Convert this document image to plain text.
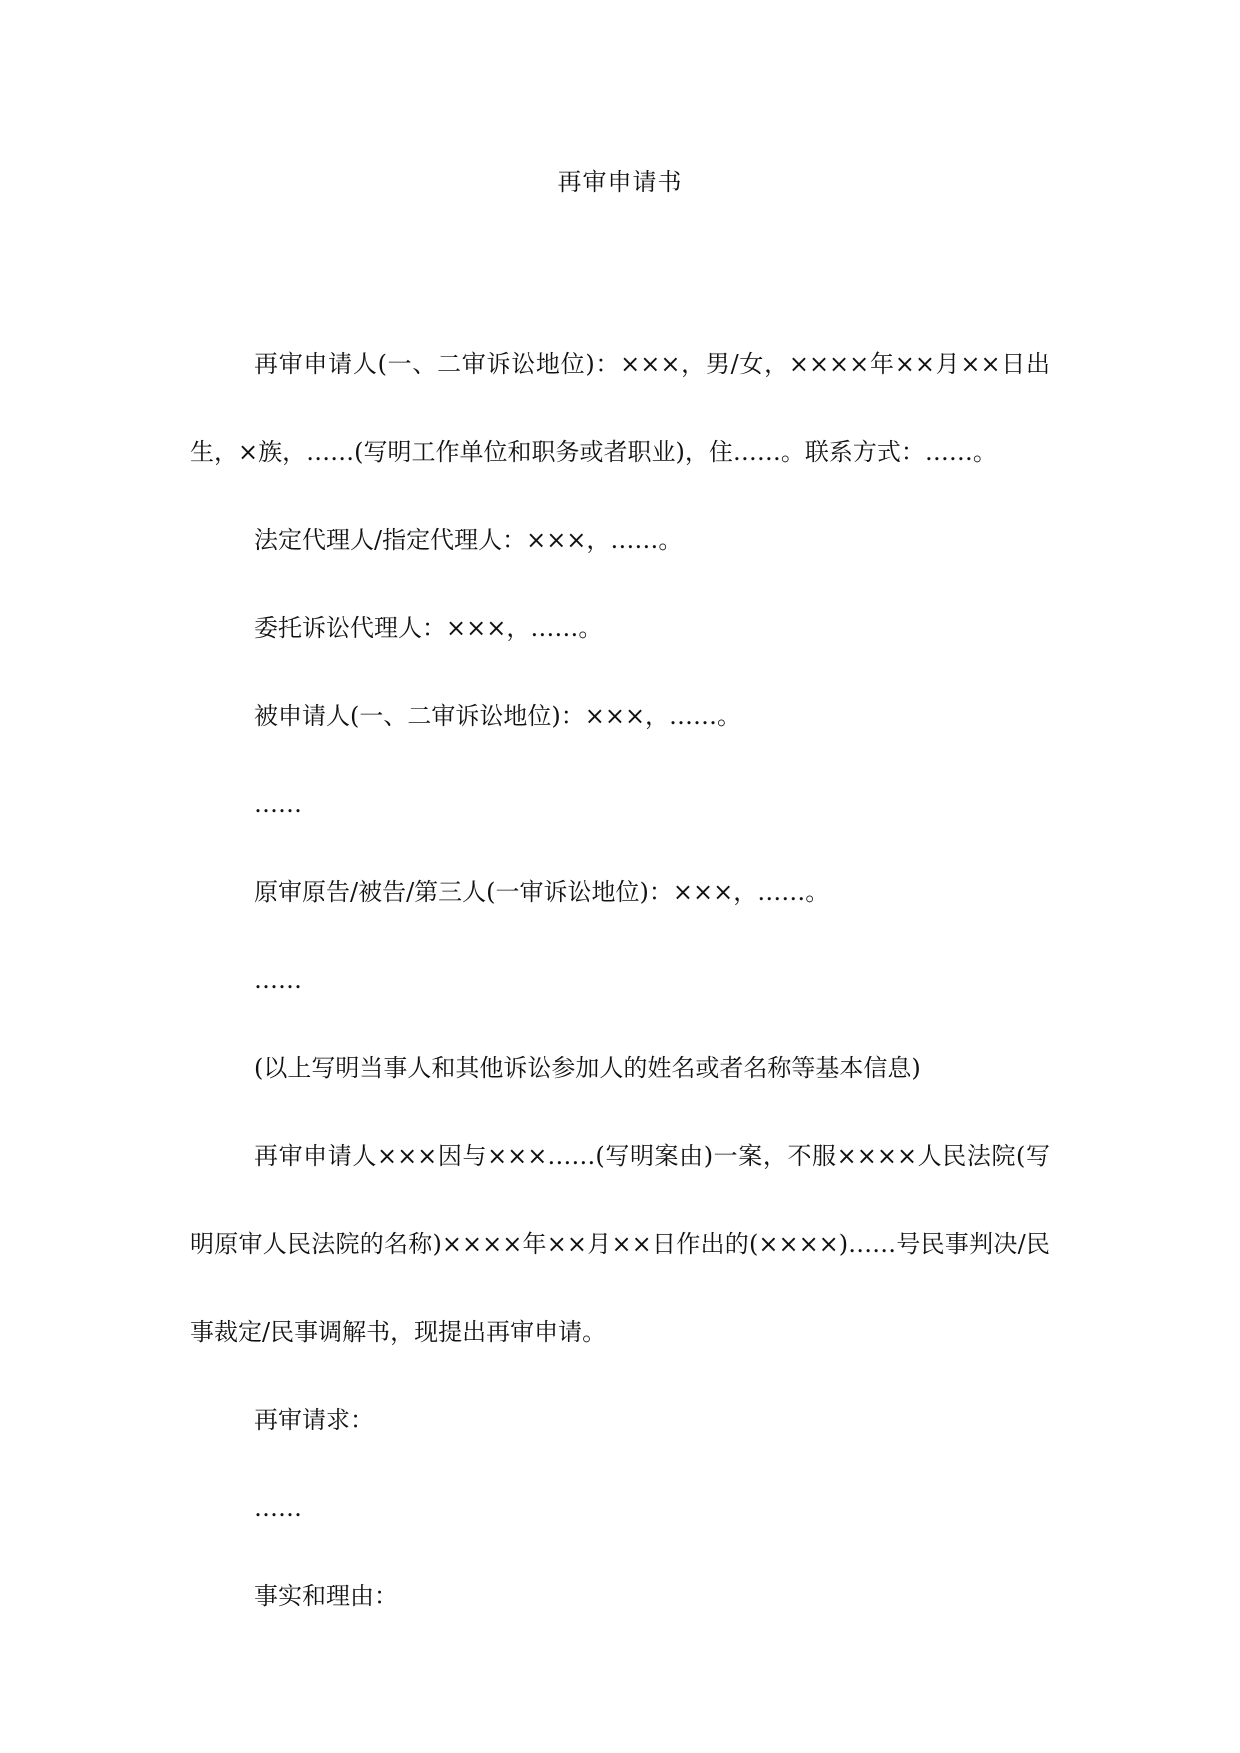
再审申请书
再审申请人(一、二审诉讼地位)：×××，男/女，××××年××月××日出生，×族，……(写明工作单位和职务或者职业)，住……。联系方式：……。
法定代理人/指定代理人：×××，……。
委托诉讼代理人：×××，……。
被申请人(一、二审诉讼地位)：×××，……。
……
原审原告/被告/第三人(一审诉讼地位)：×××，……。
……
(以上写明当事人和其他诉讼参加人的姓名或者名称等基本信息)
再审申请人×××因与×××……(写明案由)一案，不服××××人民法院(写明原审人民法院的名称)××××年××月××日作出的(××××)……号民事判决/民事裁定/民事调解书，现提出再审申请。
再审请求：
……
事实和理由：
